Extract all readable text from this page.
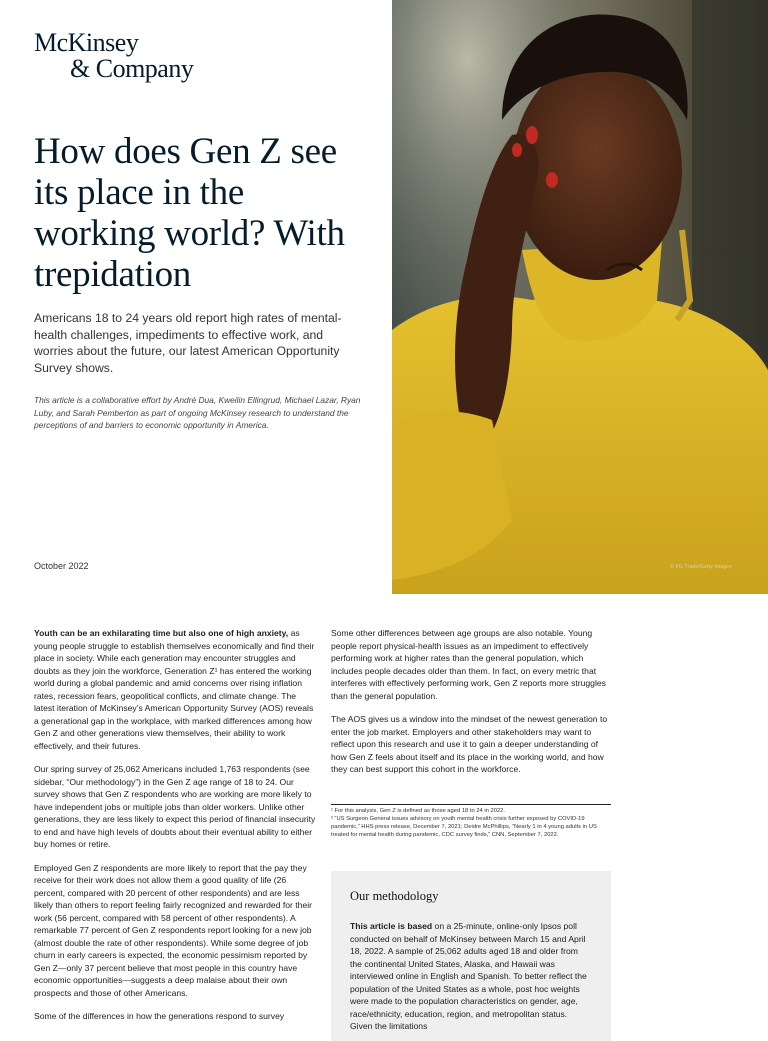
McKinsey
& Company
How does Gen Z see its place in the working world? With trepidation

Americans 18 to 24 years old report high rates of mental-health challenges, impediments to effective work, and worries about the future, our latest American Opportunity Survey shows.

This article is a collaborative effort by André Dua, Kweilin Ellingrud, Michael Lazar, Ryan Luby, and Sarah Pemberton as part of ongoing McKinsey research to understand the perceptions of and barriers to economic opportunity in America.

October 2022	© FG Trade/Getty Images

Youth can be an exhilarating time but also one of high anxiety, as young people struggle to establish themselves economically and find their place in society. While each generation may encounter struggles and doubts as they join the workforce, Generation Z¹ has entered the working world during a global pandemic and amid concerns over rising inflation rates, recession fears, geopolitical conflicts, and climate change. The latest iteration of McKinsey’s American Opportunity Survey (AOS) reveals a generational gap in the workplace, with marked differences among how Gen Z and other generations view themselves, their ability to work effectively, and their futures.

Our spring survey of 25,062 Americans included 1,763 respondents (see sidebar, “Our methodology”) in the Gen Z age range of 18 to 24. Our survey shows that Gen Z respondents who are working are more likely to have independent jobs or multiple jobs than older workers. Unlike other generations, they are less likely to expect this period of financial insecurity to end and have high levels of doubts about their eventual ability to either buy homes or retire.

Employed Gen Z respondents are more likely to report that the pay they receive for their work does not allow them a good quality of life (26 percent, compared with 20 percent of other respondents) and are less likely than others to report feeling fairly recognized and rewarded for their work (56 percent, compared with 58 percent of other respondents). A remarkable 77 percent of Gen Z respondents report looking for a new job (almost double the rate of other respondents). While some degree of job churn in early careers is expected, the economic pessimism reported by Gen Z—only 37 percent believe that most people in this country have economic opportunities—suggests a deep malaise about their own prospects and those of other Americans.

Some of the differences in how the generations respond to survey

Some other differences between age groups are also notable. Young people report physical-health issues as an impediment to effectively performing work at higher rates than the general population, which includes people decades older than them. In fact, on every metric that interferes with effectively performing work, Gen Z reports more struggles than the general population.

The AOS gives us a window into the mindset of the newest generation to enter the job market. Employers and other stakeholders may want to reflect upon this research and use it to gain a deeper understanding of how Gen Z feels about itself and its place in the working world, and how they can best support this cohort in the workforce.

¹ For this analysis, Gen Z is defined as those aged 18 to 24 in 2022.

² “US Surgeon General issues advisory on youth mental health crisis further exposed by COVID-19 pandemic,” HHS press release, December 7, 2021; Deidre McPhillips, “Nearly 1 in 4 young adults in US treated for mental health during pandemic, CDC survey finds,” CNN, September 7, 2022.

Our methodology

This article is based on a 25-minute, online-only Ipsos poll conducted on behalf of McKinsey between March 15 and April 18, 2022. A sample of 25,062 adults aged 18 and older from the continental United States, Alaska, and Hawaii was interviewed online in English and Spanish. To better reflect the population of the United States as a whole, post hoc weights were made to the population characteristics on gender, age, race/ethnicity, education, region, and metropolitan status. Given the limitations
